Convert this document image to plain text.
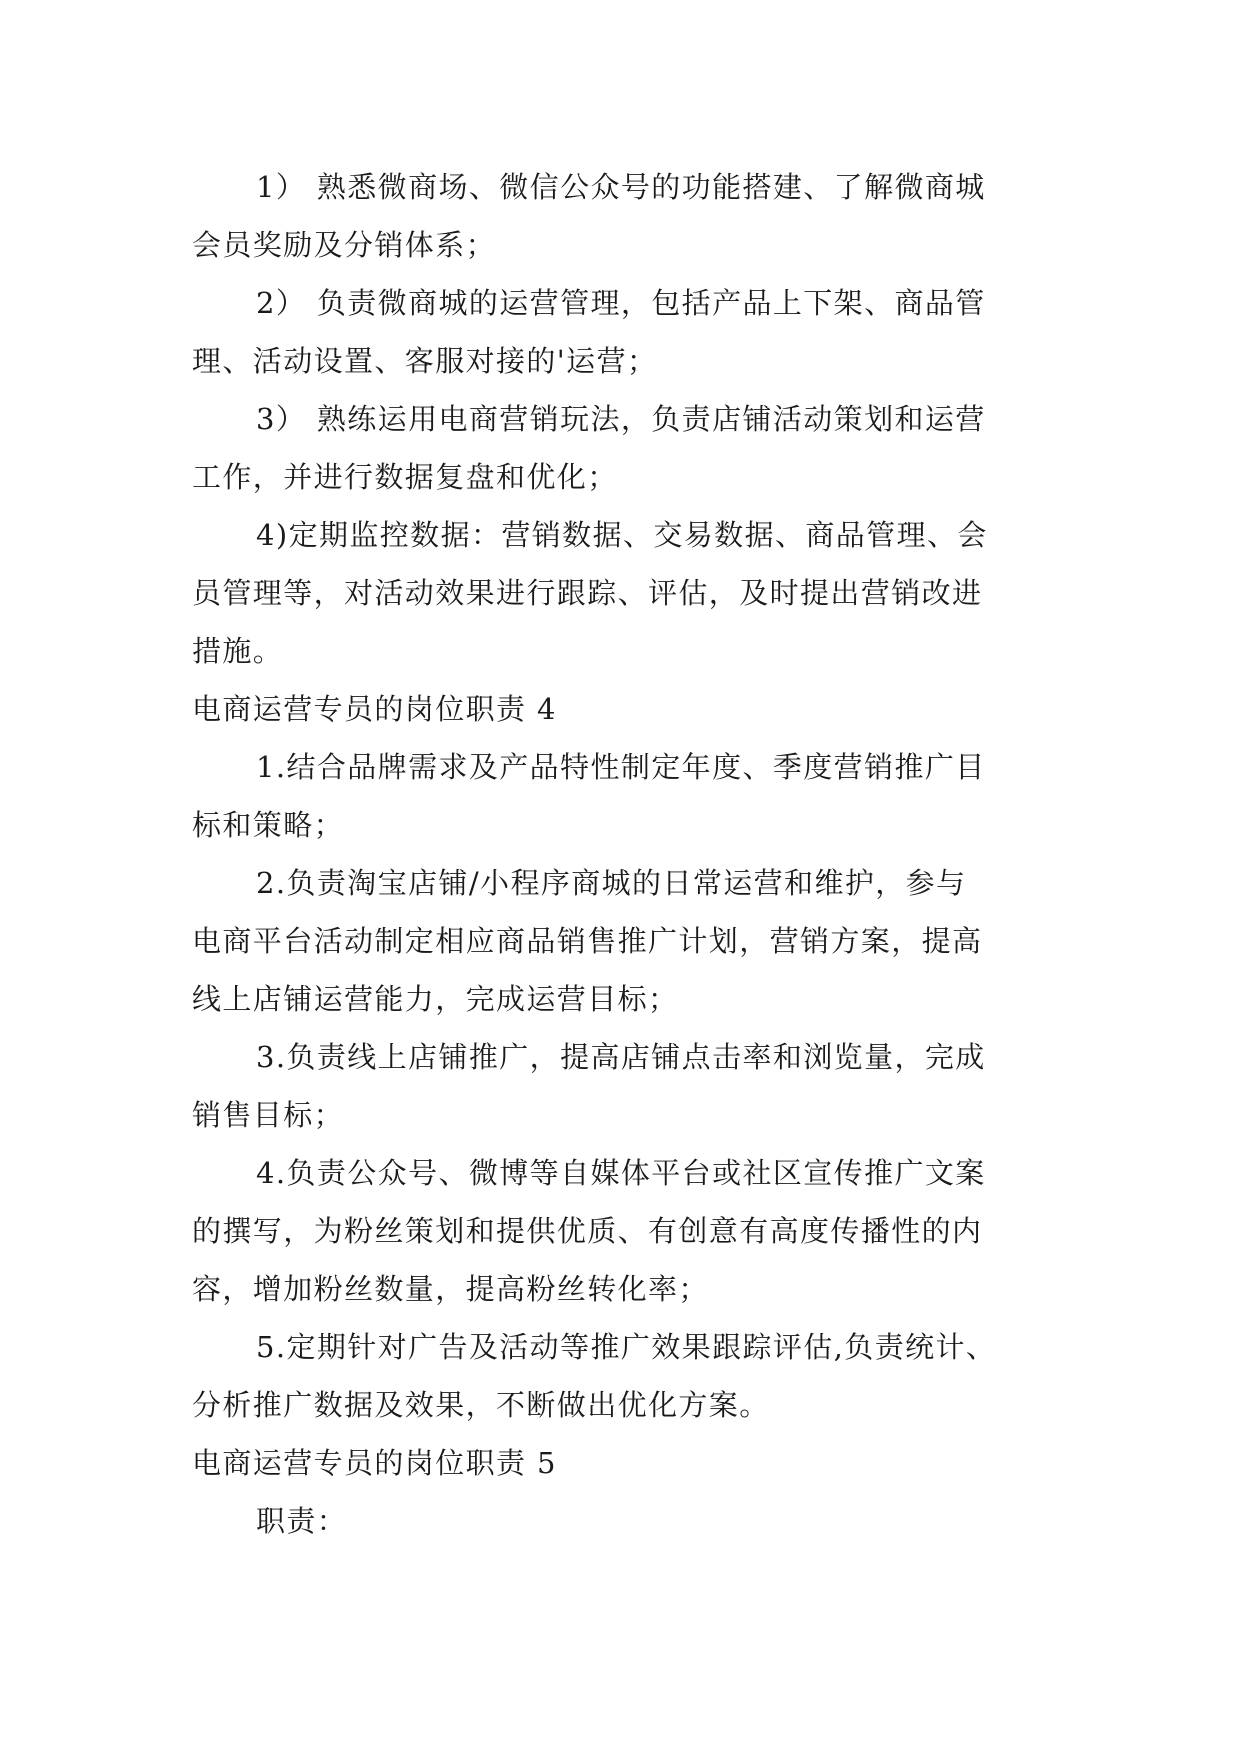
1） 熟悉微商场、微信公众号的功能搭建、了解微商城
会员奖励及分销体系；
2） 负责微商城的运营管理，包括产品上下架、商品管
理、活动设置、客服对接的'运营；
3） 熟练运用电商营销玩法，负责店铺活动策划和运营
工作，并进行数据复盘和优化；
4)定期监控数据：营销数据、交易数据、商品管理、会
员管理等，对活动效果进行跟踪、评估，及时提出营销改进
措施。
电商运营专员的岗位职责 4
1.结合品牌需求及产品特性制定年度、季度营销推广目
标和策略；
2.负责淘宝店铺/小程序商城的日常运营和维护，参与
电商平台活动制定相应商品销售推广计划，营销方案，提高
线上店铺运营能力，完成运营目标；
3.负责线上店铺推广，提高店铺点击率和浏览量，完成
销售目标；
4.负责公众号、微博等自媒体平台或社区宣传推广文案
的撰写，为粉丝策划和提供优质、有创意有高度传播性的内
容，增加粉丝数量，提高粉丝转化率；
5.定期针对广告及活动等推广效果跟踪评估,负责统计、
分析推广数据及效果，不断做出优化方案。
电商运营专员的岗位职责 5
职责：
